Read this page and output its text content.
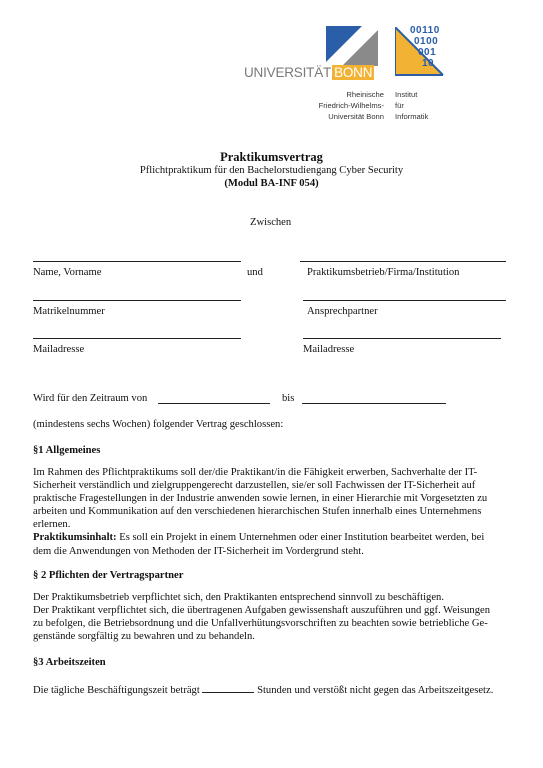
UNIVERSITÄT BONN
00110
0100
001
10
Rheinische
Friedrich-Wilhelms-
Universität Bonn
Institut
für
Informatik
Praktikumsvertrag
Pflichtpraktikum für den Bachelorstudiengang Cyber Security
(Modul BA-INF 054)
Zwischen
Name, Vorname	und	Praktikumsbetrieb/Firma/Institution
Matrikelnummer	Ansprechpartner
Mailadresse	Mailadresse
Wird für den Zeitraum von	bis
(mindestens sechs Wochen) folgender Vertrag geschlossen:
§1 Allgemeines
Im Rahmen des Pflichtpraktikums soll der/die Praktikant/in die Fähigkeit erwerben, Sachverhalte der IT-
Sicherheit verständlich und zielgruppengerecht darzustellen, sie/er soll Fachwissen der IT-Sicherheit auf
praktische Fragestellungen in der Industrie anwenden sowie lernen, in einer Hierarchie mit Vorgesetzten zu
arbeiten und Kommunikation auf den verschiedenen hierarchischen Stufen innerhalb eines Unternehmens
erlernen.
Praktikumsinhalt: Es soll ein Projekt in einem Unternehmen oder einer Institution bearbeitet werden, bei
dem die Anwendungen von Methoden der IT-Sicherheit im Vordergrund steht.
§ 2 Pflichten der Vertragspartner
Der Praktikumsbetrieb verpflichtet sich, den Praktikanten entsprechend sinnvoll zu beschäftigen.
Der Praktikant verpflichtet sich, die übertragenen Aufgaben gewissenshaft auszuführen und ggf. Weisungen
zu befolgen, die Betriebsordnung und die Unfallverhütungsvorschriften zu beachten sowie betriebliche Ge-
genstände sorgfältig zu bewahren und zu behandeln.
§3 Arbeitszeiten
Die tägliche Beschäftigungszeit beträgt	Stunden und verstößt nicht gegen das Arbeitszeitgesetz.
